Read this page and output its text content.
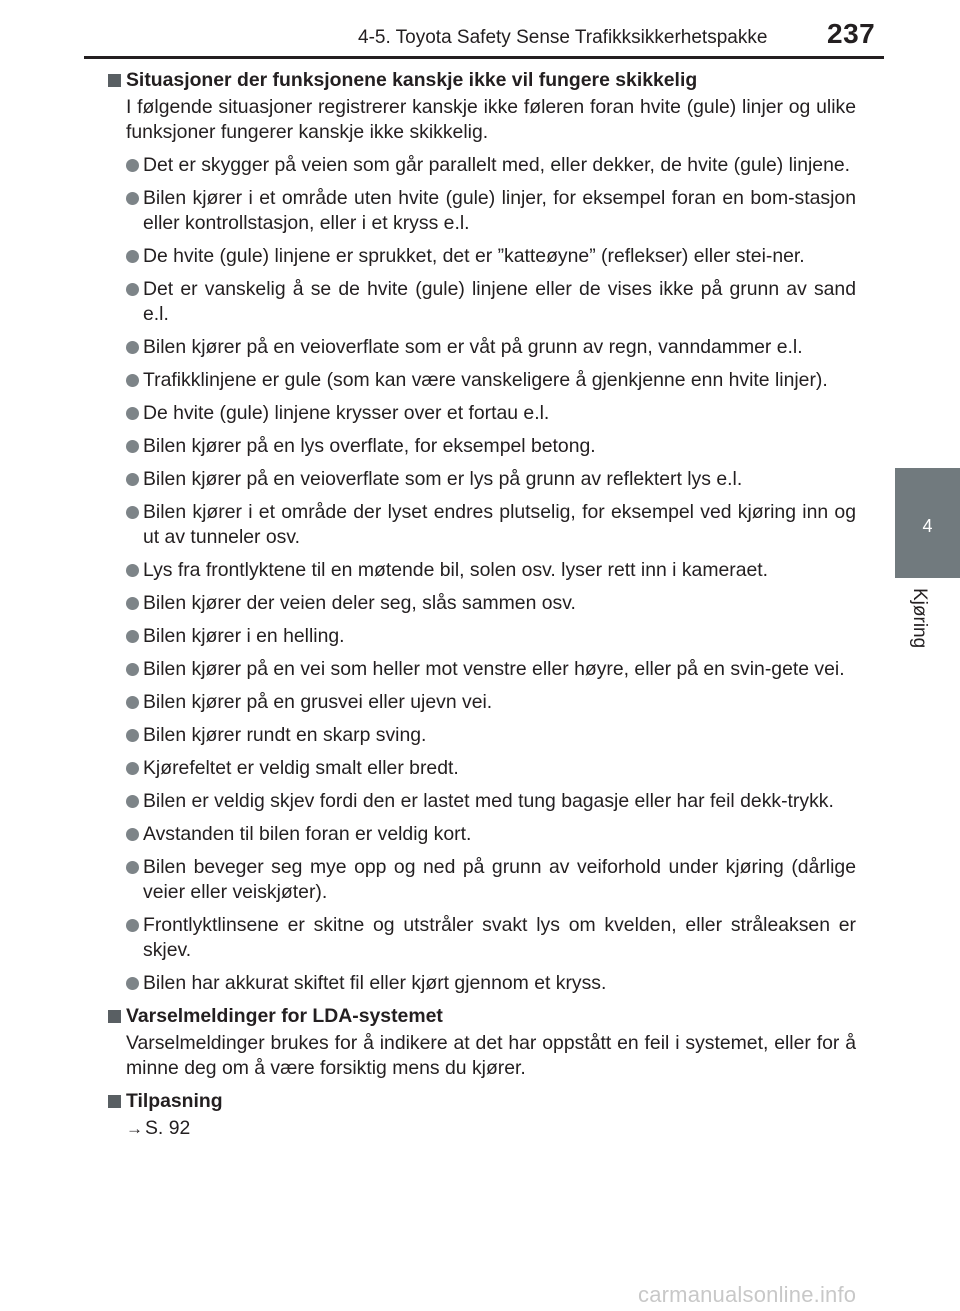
4-5. Toyota Safety Sense Trafikksikkerhetspakke 237
4
Kjøring
Situasjoner der funksjonene kanskje ikke vil fungere skikkelig
I følgende situasjoner registrerer kanskje ikke føleren foran hvite (gule) linjer og ulike funksjoner fungerer kanskje ikke skikkelig.
Det er skygger på veien som går parallelt med, eller dekker, de hvite (gule) linjene.
Bilen kjører i et område uten hvite (gule) linjer, for eksempel foran en bom-stasjon eller kontrollstasjon, eller i et kryss e.l.
De hvite (gule) linjene er sprukket, det er ”katteøyne” (reflekser) eller stei-ner.
Det er vanskelig å se de hvite (gule) linjene eller de vises ikke på grunn av sand e.l.
Bilen kjører på en veioverflate som er våt på grunn av regn, vanndammer e.l.
Trafikklinjene er gule (som kan være vanskeligere å gjenkjenne enn hvite linjer).
De hvite (gule) linjene krysser over et fortau e.l.
Bilen kjører på en lys overflate, for eksempel betong.
Bilen kjører på en veioverflate som er lys på grunn av reflektert lys e.l.
Bilen kjører i et område der lyset endres plutselig, for eksempel ved kjøring inn og ut av tunneler osv.
Lys fra frontlyktene til en møtende bil, solen osv. lyser rett inn i kameraet.
Bilen kjører der veien deler seg, slås sammen osv.
Bilen kjører i en helling.
Bilen kjører på en vei som heller mot venstre eller høyre, eller på en svin-gete vei.
Bilen kjører på en grusvei eller ujevn vei.
Bilen kjører rundt en skarp sving.
Kjørefeltet er veldig smalt eller bredt.
Bilen er veldig skjev fordi den er lastet med tung bagasje eller har feil dekk-trykk.
Avstanden til bilen foran er veldig kort.
Bilen beveger seg mye opp og ned på grunn av veiforhold under kjøring (dårlige veier eller veiskjøter).
Frontlyktlinsene er skitne og utstråler svakt lys om kvelden, eller stråleaksen er skjev.
Bilen har akkurat skiftet fil eller kjørt gjennom et kryss.
Varselmeldinger for LDA-systemet
Varselmeldinger brukes for å indikere at det har oppstått en feil i systemet, eller for å minne deg om å være forsiktig mens du kjører.
Tilpasning
→ S. 92
carmanualsonline.info
